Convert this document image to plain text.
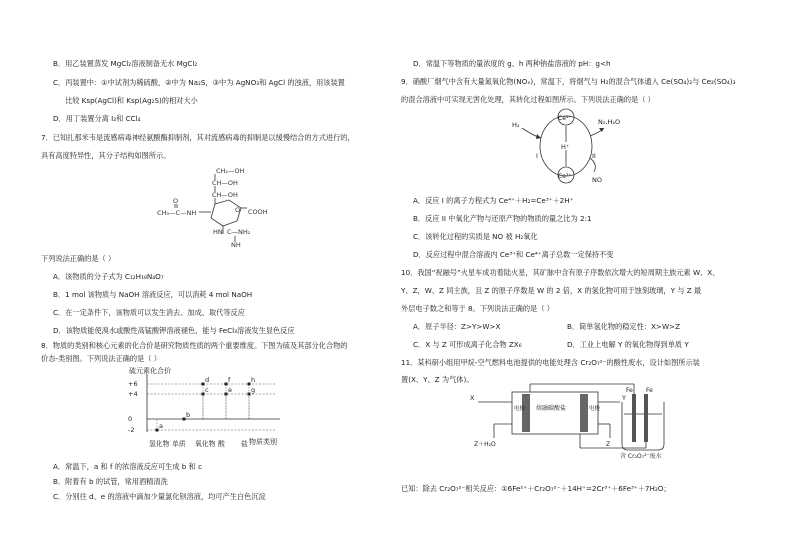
B．用乙装置蒸发 MgCl₂溶液制备无水 MgCl₂
C．丙装置中：①中试剂为稀硫酸，②中为 Na₂S，③中为 AgNO₃和 AgCl 的浊液，用该装置
比较 Ksp(AgCl)和 Ksp(Ag₂S)的相对大小
D．用丁装置分离 I₂和 CCl₄
7．已知扎那米韦是流感病毒神经氨酸酶抑制剂，其对流感病毒的抑制是以缓慢结合的方式进行的，
具有高度特异性，其分子结构如图所示。
CH₂—OH
CH—OH
CH—OH
O
CH₃—C—NH	O COOH
HN C—NH₂
NH
下列说法正确的是（ ）
A．该物质的分子式为 C₁₂H₁₈N₄O₇
B．1 mol 该物质与 NaOH 溶液反应，可以消耗 4 mol NaOH
C．在一定条件下，该物质可以发生消去、加成、取代等反应
D．该物质能使溴水或酸性高锰酸钾溶液褪色，能与 FeCl₃溶液发生显色反应
8．物质的类别和核心元素的化合价是研究物质性质的两个重要维度。下图为硫及其部分化合物的
价态-类别图。下列说法正确的是（ ）
硫元素化合价
物质类别
+6
+4
0
-2
氢化物 单质 氧化物 酸 盐
a
b
c
d
e
f
g
h
A．常温下，a 和 f 的浓溶液反应可生成 b 和 c
B．附着有 b 的试管，常用酒精清洗
C．分别往 d、e 的溶液中滴加少量氯化钡溶液，均可产生白色沉淀
D．常温下等物质的量浓度的 g、h 两种钠盐溶液的 pH：g<h
9．硝酸厂烟气中含有大量氮氧化物(NOₓ)，常温下，将烟气与 H₂的混合气体通入 Ce(SO₄)₂与 Ce₂(SO₄)₃
的混合溶液中可实现无害化处理，其转化过程如图所示。下列说法正确的是（ ）
H₂
Ce⁴⁺
Ce³⁺
H⁺
I	II
N₂,H₂O
NO
A．反应 I 的离子方程式为 Ce⁴⁺＋H₂=Ce³⁺＋2H⁺
B．反应 II 中氧化产物与还原产物的物质的量之比为 2:1
C．该转化过程的实质是 NO 被 H₂氧化
D．反应过程中混合溶液内 Ce³⁺和 Ce⁴⁺离子总数一定保持不变
10．我国“祝融号”火星车成功着陆火星，其矿脉中含有原子序数依次增大的短周期主族元素 W、X、
Y、Z，W、Z 同主族，且 Z 的原子序数是 W 的 2 倍，X 的氢化物可用于蚀刻玻璃，Y 与 Z 最
外层电子数之和等于 8。下列说法正确的是（ ）
A．原子半径：Z>Y>W>X	B．简单氢化物的稳定性：X>W>Z
C．X 与 Z 可形成离子化合物 ZX₆	D．工业上电解 Y 的氧化物得到单质 Y
11．某科研小组用甲烷-空气燃料电池提供的电能处理含 Cr₂O₇²⁻的酸性废水，设计如图所示装
置(X、Y、Z 为气体)。
X	Y
电极	电极
熔融碳酸盐
Z＋H₂O	Z
Fe Fe
含 Cr₂O₇²⁻废水
已知：除去 Cr₂O₇²⁻相关反应：①6Fe²⁺＋Cr₂O₇²⁻＋14H⁺=2Cr³⁺＋6Fe³⁺＋7H₂O；
